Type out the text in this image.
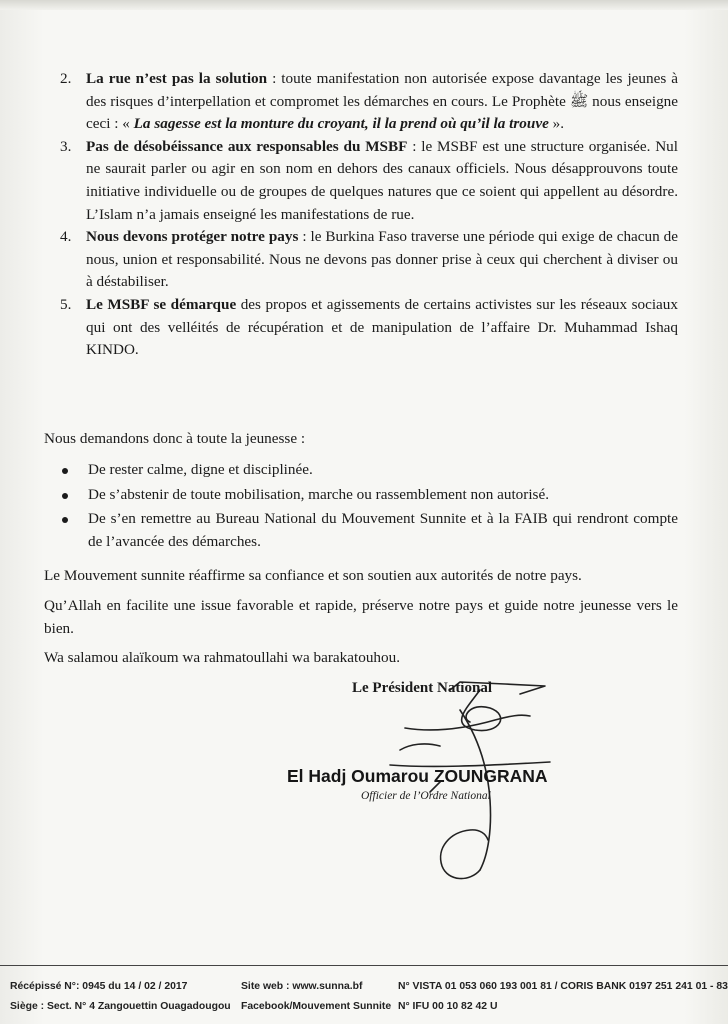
2. La rue n’est pas la solution : toute manifestation non autorisée expose davantage les jeunes à des risques d’interpellation et compromet les démarches en cours. Le Prophète ﷺ nous enseigne ceci : « La sagesse est la monture du croyant, il la prend où qu’il la trouve ».
3. Pas de désobéissance aux responsables du MSBF : le MSBF est une structure organisée. Nul ne saurait parler ou agir en son nom en dehors des canaux officiels. Nous désapprouvons toute initiative individuelle ou de groupes de quelques natures que ce soient qui appellent au désordre. L’Islam n’a jamais enseigné les manifestations de rue.
4. Nous devons protéger notre pays : le Burkina Faso traverse une période qui exige de chacun de nous, union et responsabilité. Nous ne devons pas donner prise à ceux qui cherchent à diviser ou à déstabiliser.
5. Le MSBF se démarque des propos et agissements de certains activistes sur les réseaux sociaux qui ont des velléités de récupération et de manipulation de l’affaire Dr. Muhammad Ishaq KINDO.
Nous demandons donc à toute la jeunesse :
De rester calme, digne et disciplinée.
De s’abstenir de toute mobilisation, marche ou rassemblement non autorisé.
De s’en remettre au Bureau National du Mouvement Sunnite et à la FAIB qui rendront compte de l’avancée des démarches.
Le Mouvement sunnite réaffirme sa confiance et son soutien aux autorités de notre pays.
Qu’Allah en facilite une issue favorable et rapide, préserve notre pays et guide notre jeunesse vers le bien.
Wa salamou alaïkoum wa rahmatoullahi wa barakatouhou.
Le Président National
El Hadj Oumarou ZOUNGRANA
Officier de l’Ordre National
Récépissé N°: 0945 du 14 / 02 / 2017
Siège : Sect. N° 4 Zangouettin Ouagadougou
Site web : www.sunna.bf
Facebook/Mouvement Sunnite
N° VISTA 01 053 060 193 001 81 / CORIS BANK 0197 251 241 01 - 83
N° IFU 00 10 82 42 U
